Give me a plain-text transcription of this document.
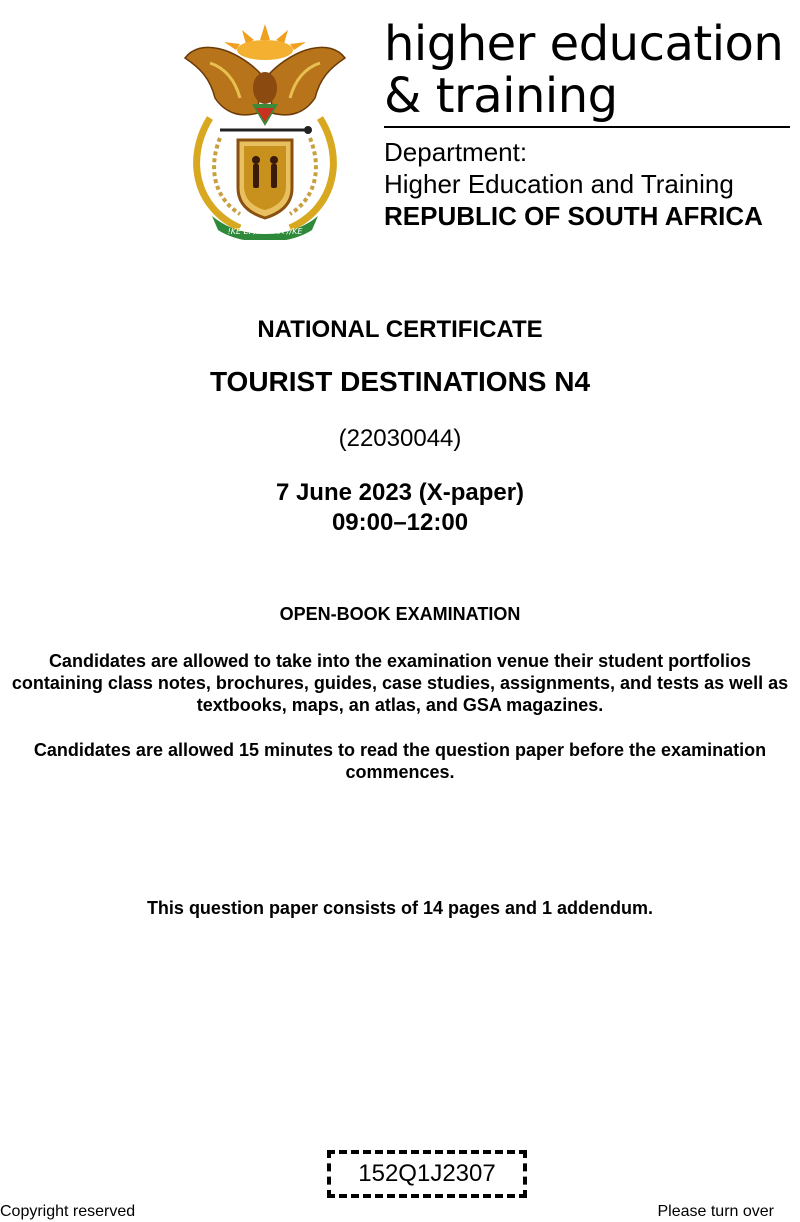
!KE E: /XARRA //KE
higher education
& training
Department:
Higher Education and Training
REPUBLIC OF SOUTH AFRICA
NATIONAL CERTIFICATE
TOURIST DESTINATIONS N4
(22030044)
7 June 2023 (X-paper)
09:00–12:00
OPEN-BOOK EXAMINATION
Candidates are allowed to take into the examination venue their student portfolios containing class notes, brochures, guides, case studies, assignments, and tests as well as textbooks, maps, an atlas, and GSA magazines.
Candidates are allowed 15 minutes to read the question paper before the examination commences.
This question paper consists of 14 pages and 1 addendum.
152Q1J2307
Copyright reserved	Please turn over
